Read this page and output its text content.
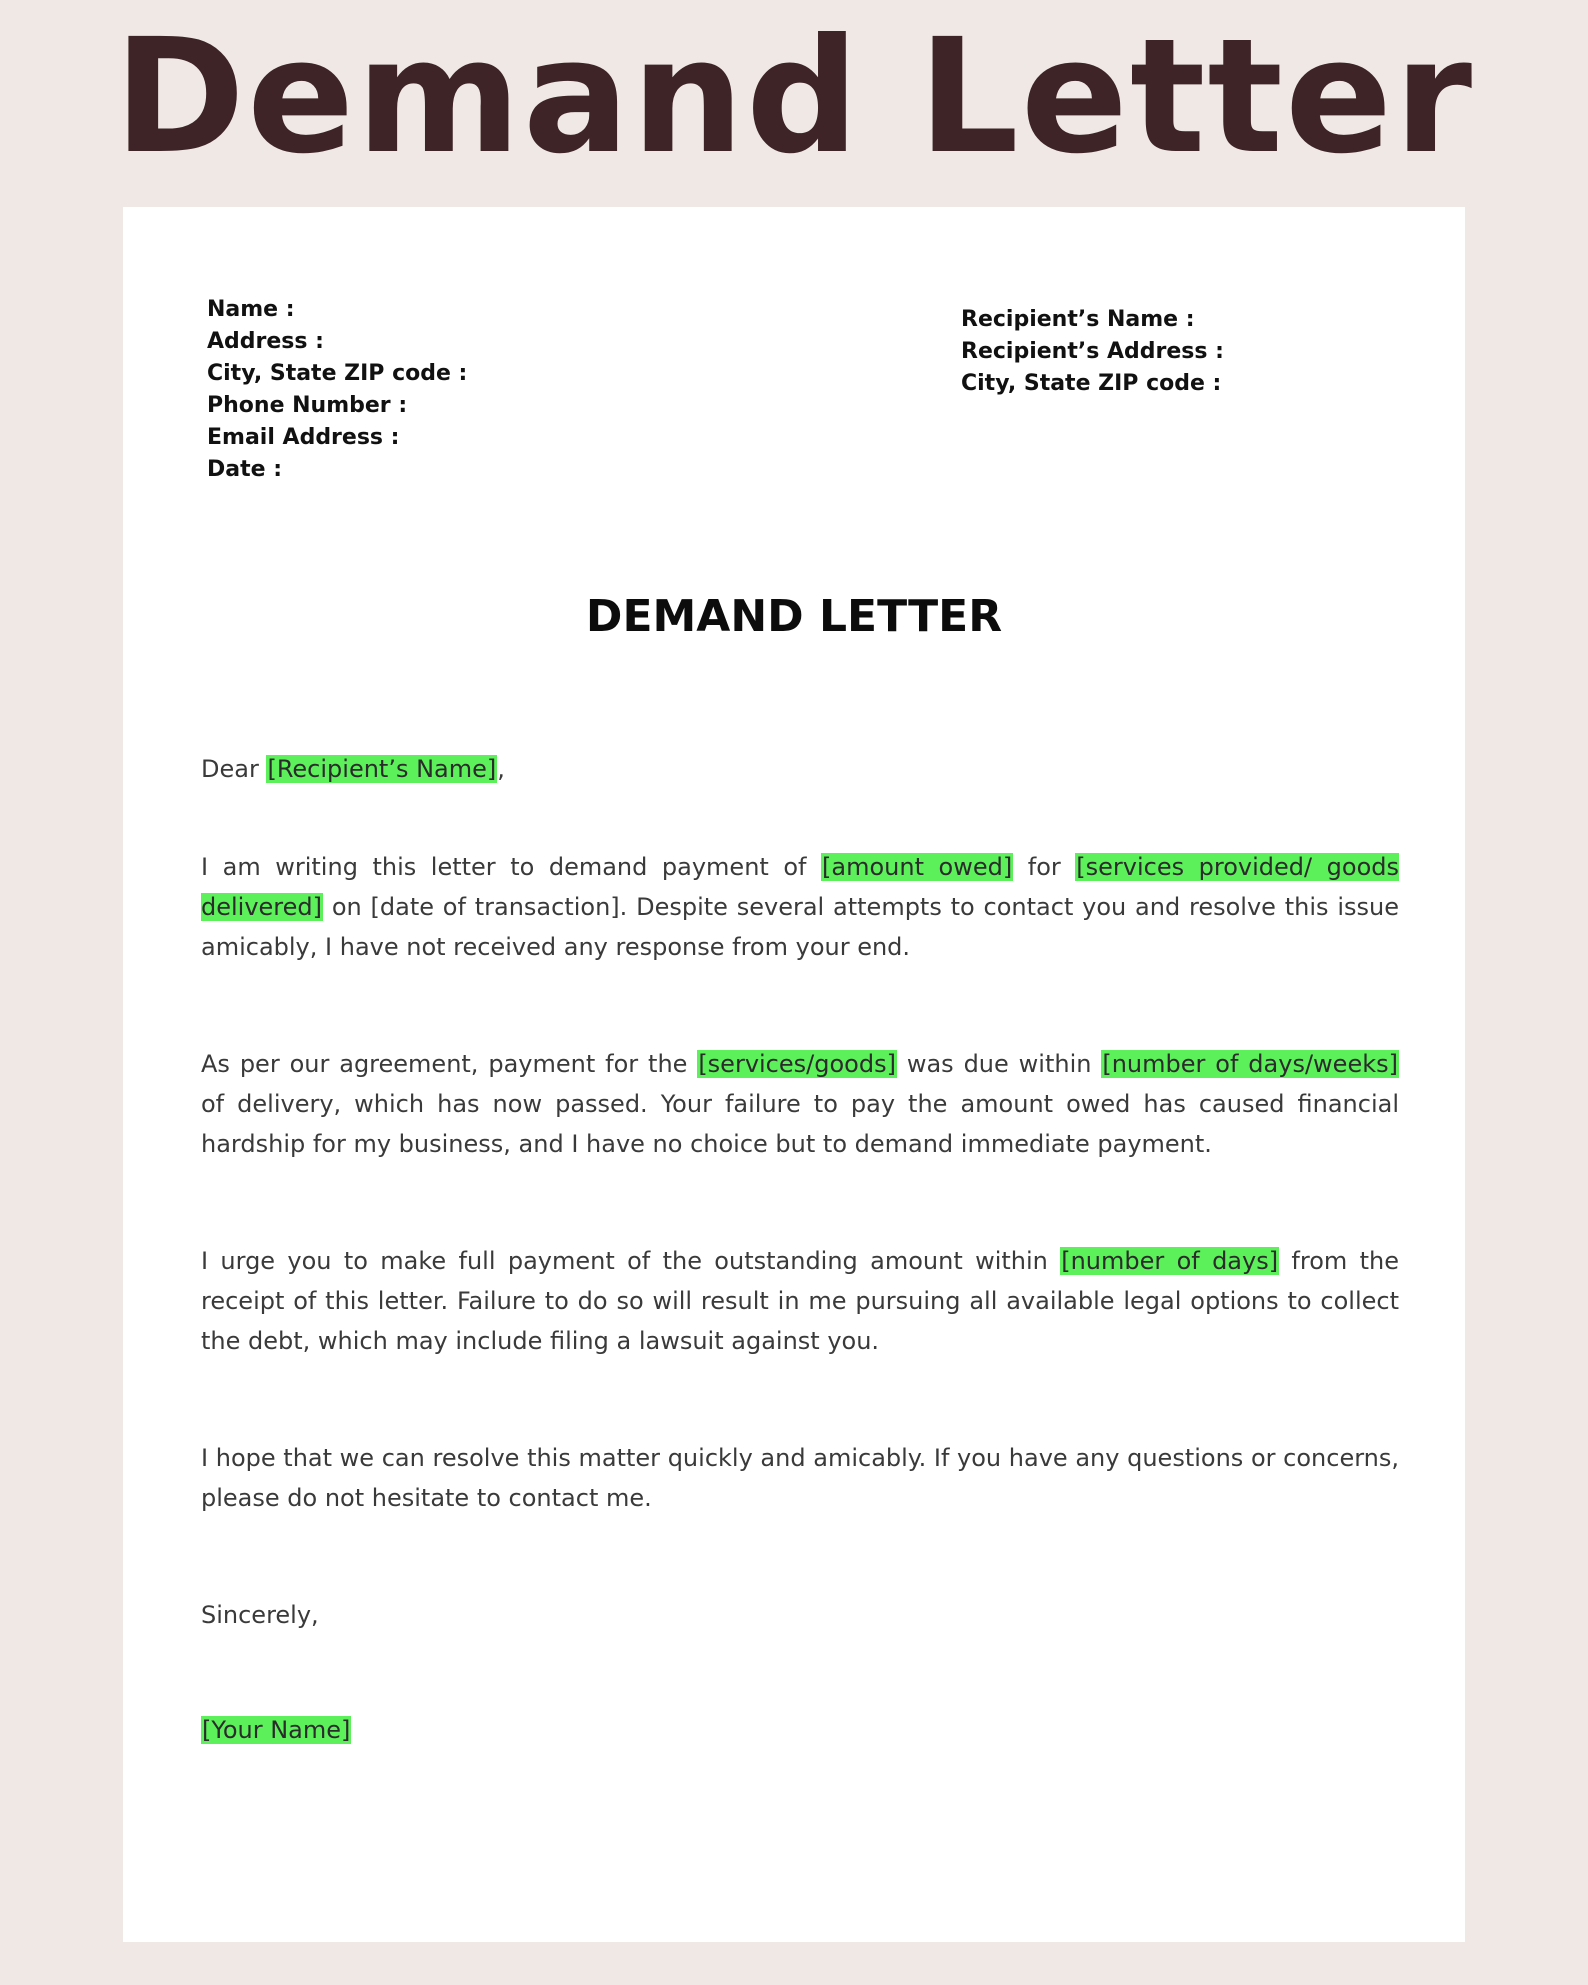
Demand Letter
Name :
Address :
City, State ZIP code :
Phone Number :
Email Address :
Date :
Recipient’s Name :
Recipient’s Address :
City, State ZIP code :
DEMAND LETTER
Dear [Recipient’s Name],
I am writing this letter to demand payment of [amount owed] for [services provided/ goods delivered] on [date of transaction]. Despite several attempts to contact you and resolve this issue amicably, I have not received any response from your end.
As per our agreement, payment for the [services/goods] was due within [number of days/weeks] of delivery, which has now passed. Your failure to pay the amount owed has caused financial hardship for my business, and I have no choice but to demand immediate payment.
I urge you to make full payment of the outstanding amount within [number of days] from the receipt of this letter. Failure to do so will result in me pursuing all available legal options to collect the debt, which may include filing a lawsuit against you.
I hope that we can resolve this matter quickly and amicably. If you have any questions or concerns, please do not hesitate to contact me.
Sincerely,
[Your Name]
